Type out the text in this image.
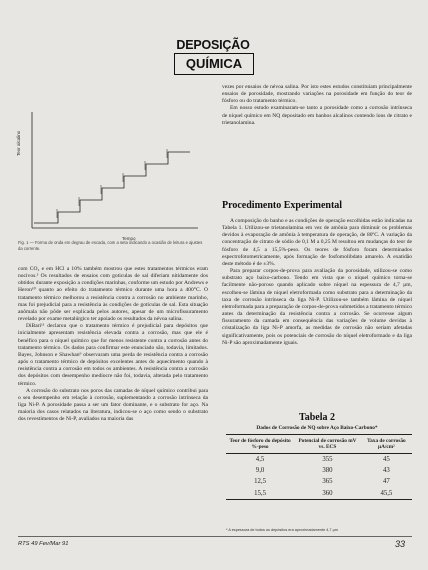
DEPOSIÇÃO
QUÍMICA
Teor alcalino
Tempo
Fig. 1 — Forma de onda em degrau de escada, com a seta indicando a ocasião de leitura e ajustes da corrente.

com CO₂ e em HCl a 10% também mostrou que estes tratamentos térmicos eram nocivos.³ Os resultados de ensaios com goticulas de sal diferiam nitidamente dos obtidos durante exposição a condições marinhas, conforme um estudo por Andrews e Heron¹⁰ quanto ao efeito do tratamento térmico durante uma hora a 400°C. O tratamento térmico melhorou a resistência contra a corrosão no ambiente marinho, mas foi prejudicial para a resistência às condições de gotículas de sal. Esta situação anômala não pôde ser explicada pelos autores, apesar de um microfissuramento revelado por exame metalúrgico ter apoiado os resultados da névoa salina.

DiBari¹¹ declarou que o tratamento térmico é prejudicial para depósitos que inicialmente apresentam resistência elevada contra a corrosão, mas que ele é benéfico para o níquel químico que for menos resistente contra a corrosão antes do tratamento térmico. Os dados para confirmar este enunciado são, todavia, limitados. Bayes, Johnson e Shawhan⁹ observaram uma perda de resistência contra a corrosão após o tratamento térmico de depósitos excelentes antes do aquecimento quando à resistência contra a corrosão em todos os ambientes. A resistência contra a corrosão dos depósitos com desempenho medíocre não foi, todavia, alterada pelo tratamento térmico.

A corrosão do substrato nos poros das camadas de níquel químico contribui para o seu desempenho em relação à corrosão, suplementando a corrosão intrínseca da liga Ni-P. A porosidade passa a ser um fator dominante, e o substrato for aço. Na maioria dos casos relatados na literatura, indicou-se o aço como sendo o substrato dos revestimentos de Ni-P, avaliados na maioria das

vezes por ensaios de névoa salina. Por isto estes estudos constituíam principalmente ensaios de porosidade, mostrando variações na porosidade em função do teor de fósforo ou do tratamento térmico.

Em nosso estudo examinaram-se tanto a porosidade como a corrosão intrínseca de níquel químico em NQ depositado em banhos alcalinos contendo íons de citrato e trietanolamina.

Procedimento Experimental

A composição do banho e as condições de operação escolhidas estão indicadas na Tabela 1. Utilizou-se trietanolamina em vez de amônia para diminuir os problemas devidos à evaporação de amônia à temperatura de operação, de 80ºC. A variação da concentração de citrato de sódio de 0,1 M a 0,25 M resultou em mudanças do teor de fósforo de 4,5 a 15,5%-peso. Os teores de fósforo foram determinados espectrofotometricamente, após formação de fosfomolibdato amarelo. A exatidão deste método é de ±3%.

Para preparar corpos-de-prova para avaliação da porosidade, utilizou-se como substrato aço baixo-carbono. Tendo em vista que o níquel químico torna-se facilmente não-poroso quando aplicado sobre níquel na espessura de 4,7 µm, escolheu-se lâmina de níquel eletroformada como substrato para a determinação da taxa de corrosão intrínseca da liga Ni-P. Utilizou-se também lâmina de níquel eletroformada para a preparação de corpos-de-prova submetidos a tratamento térmico antes da determinação da resistência contra a corrosão. Se ocorresse algum fissuramento da camada em consequência das variações de volume devidas à cristalização da liga Ni-P amorfa, as medidas de corrosão não seriam afetadas significativamente, pois os potenciais de corrosão do níquel eletroformado e da liga Ni-P são aproximadamente iguais.

Tabela 2
Dados de Corrosão de NQ sobre Aço Baixo-Carbono*
Teor de fósforo do depósito %-peso	Potencial de corrosão mV vs. ECS	Taxa de corrosão µA/cm²
4,5	355	45
9,0	380	43
12,5	365	47
15,5	360	45,5
* A espessura de todos os depósitos era aproximadamente 4,7 µm
RTS 49 Fev/Mar 91	33
